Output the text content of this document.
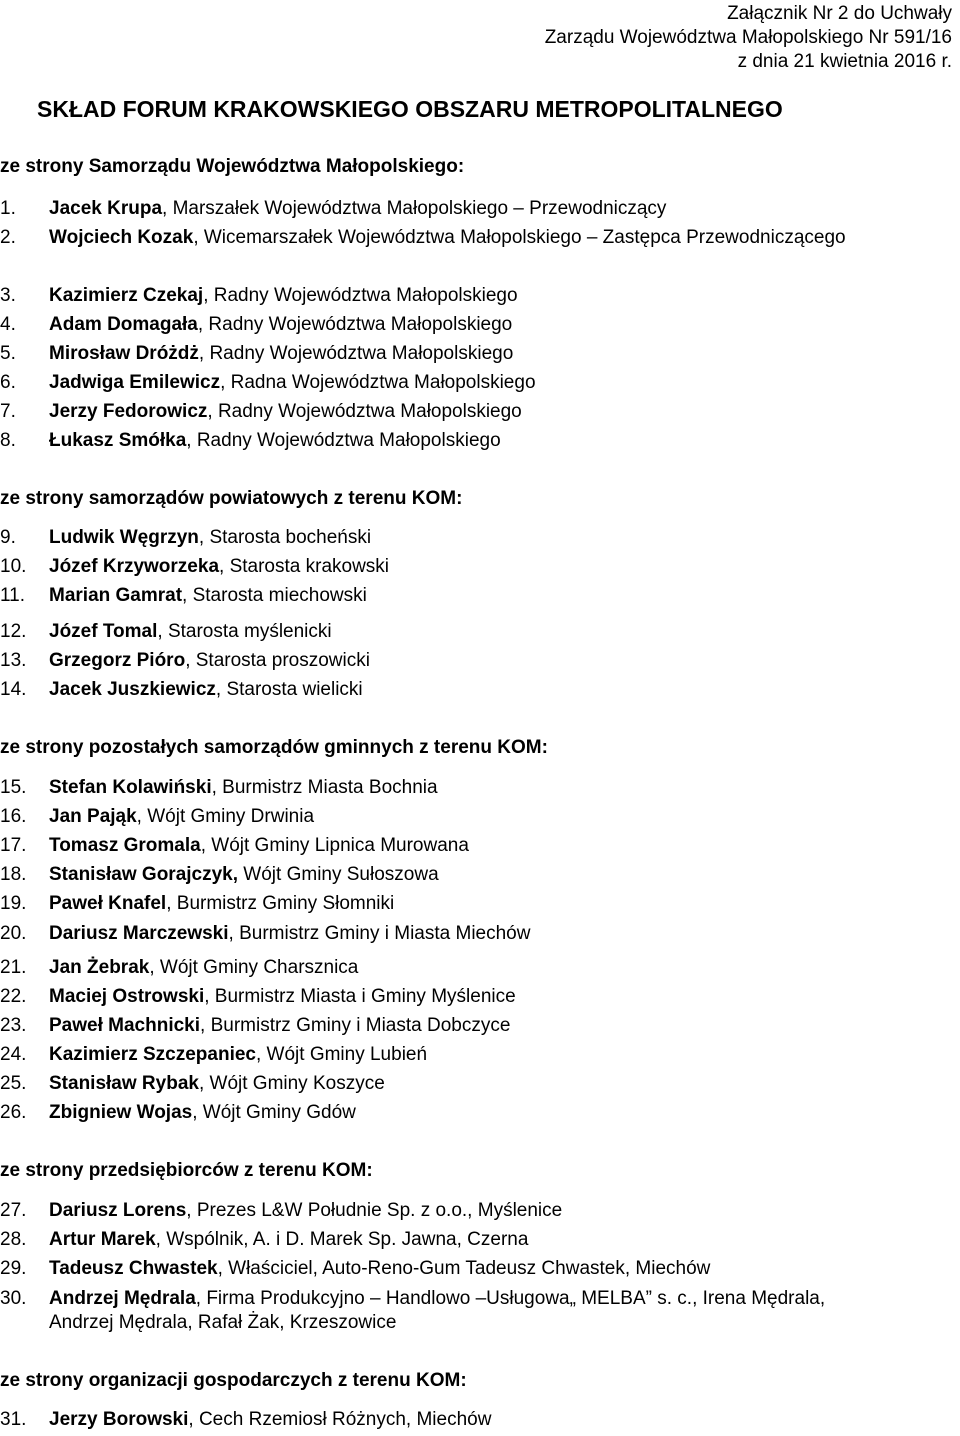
Załącznik Nr 2 do Uchwały
Zarządu Województwa Małopolskiego Nr 591/16
z dnia 21 kwietnia 2016 r.
SKŁAD FORUM KRAKOWSKIEGO OBSZARU METROPOLITALNEGO
ze strony Samorządu Województwa Małopolskiego:
1. Jacek Krupa, Marszałek Województwa Małopolskiego – Przewodniczący
2. Wojciech Kozak, Wicemarszałek Województwa Małopolskiego – Zastępca Przewodniczącego
3. Kazimierz Czekaj, Radny Województwa Małopolskiego
4. Adam Domagała, Radny Województwa Małopolskiego
5. Mirosław Dróżdż, Radny Województwa Małopolskiego
6. Jadwiga Emilewicz, Radna Województwa Małopolskiego
7. Jerzy Fedorowicz, Radny Województwa Małopolskiego
8. Łukasz Smółka, Radny Województwa Małopolskiego
ze strony samorządów powiatowych z terenu KOM:
9. Ludwik Węgrzyn, Starosta bocheński
10. Józef Krzyworzeka, Starosta krakowski
11. Marian Gamrat, Starosta miechowski
12. Józef Tomal, Starosta myślenicki
13. Grzegorz Pióro, Starosta proszowicki
14. Jacek Juszkiewicz, Starosta wielicki
ze strony pozostałych samorządów gminnych z terenu KOM:
15. Stefan Kolawiński, Burmistrz Miasta Bochnia
16. Jan Pająk, Wójt Gminy Drwinia
17. Tomasz Gromala, Wójt Gminy Lipnica Murowana
18. Stanisław Gorajczyk, Wójt Gminy Sułoszowa
19. Paweł Knafel, Burmistrz Gminy Słomniki
20. Dariusz Marczewski, Burmistrz Gminy i Miasta Miechów
21. Jan Żebrak, Wójt Gminy Charsznica
22. Maciej Ostrowski, Burmistrz Miasta i Gminy Myślenice
23. Paweł Machnicki, Burmistrz Gminy i Miasta Dobczyce
24. Kazimierz Szczepaniec, Wójt Gminy Lubień
25. Stanisław Rybak, Wójt Gminy Koszyce
26. Zbigniew Wojas, Wójt Gminy Gdów
ze strony przedsiębiorców z terenu KOM:
27. Dariusz Lorens, Prezes L&W Południe Sp. z o.o., Myślenice
28. Artur Marek, Wspólnik, A. i D. Marek Sp. Jawna, Czerna
29. Tadeusz Chwastek, Właściciel, Auto-Reno-Gum Tadeusz Chwastek, Miechów
30. Andrzej Mędrala, Firma Produkcyjno – Handlowo –Usługowa„ MELBA” s. c., Irena Mędrala,
Andrzej Mędrala, Rafał Żak, Krzeszowice
ze strony organizacji gospodarczych z terenu KOM:
31. Jerzy Borowski, Cech Rzemiosł Różnych, Miechów
